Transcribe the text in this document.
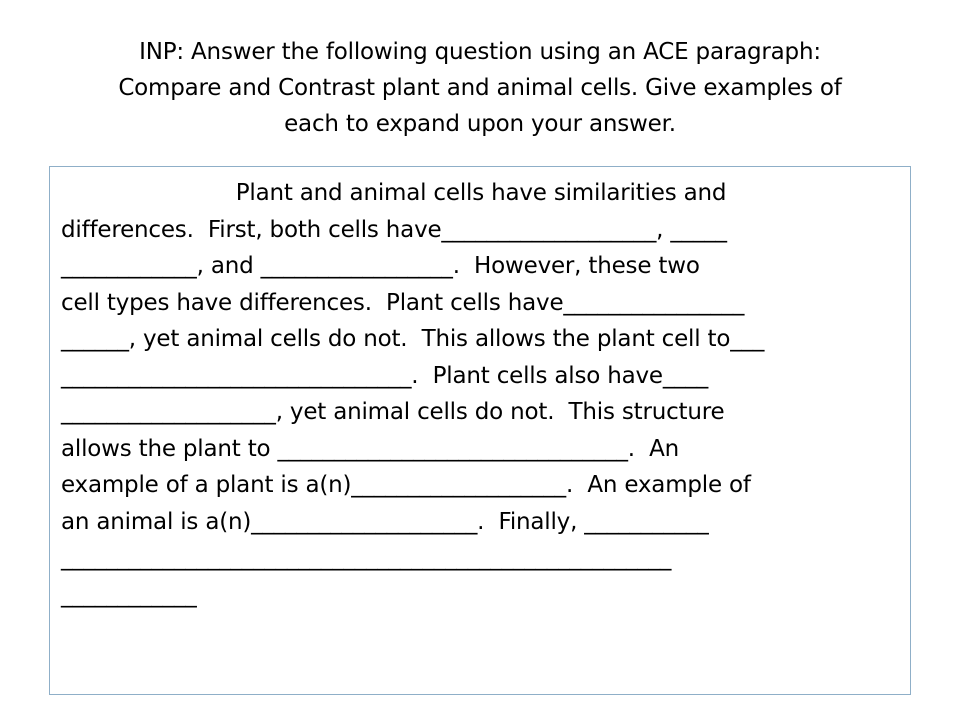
INP: Answer the following question using an ACE paragraph:
Compare and Contrast plant and animal cells. Give examples of
each to expand upon your answer.
Plant and animal cells have similarities and
differences.  First, both cells have___________________, _____
____________, and _________________.  However, these two
cell types have differences.  Plant cells have________________
______, yet animal cells do not.  This allows the plant cell to___
_______________________________.  Plant cells also have____
___________________, yet animal cells do not.  This structure
allows the plant to _______________________________.  An
example of a plant is a(n)___________________.  An example of
an animal is a(n)____________________.  Finally, ___________
______________________________________________________
____________
